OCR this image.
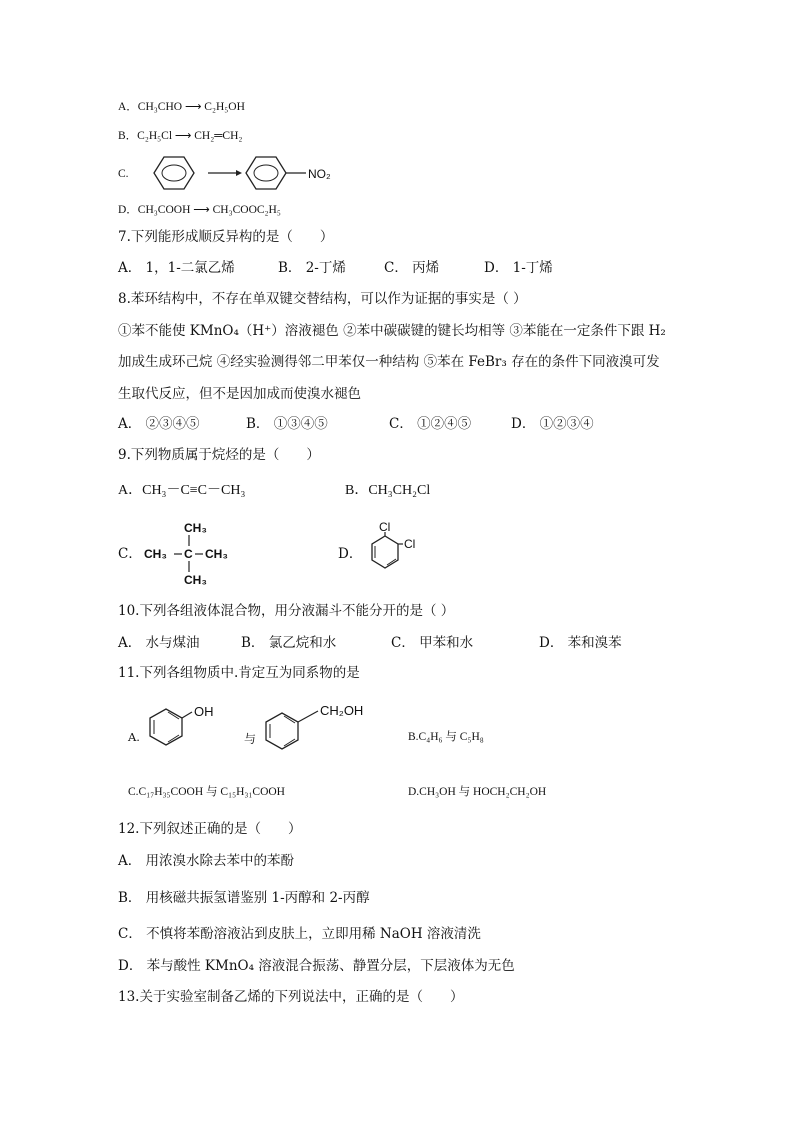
A．CH₃CHO ⟶ C₂H₅OH
B．C₂H₅Cl ⟶ CH₂═CH₂
C.	NO₂
D．CH₃COOH ⟶ CH₃COOC₂H₅
7.下列能形成顺反异构的是（　　）
A． 1，1-二氯乙烯	B． 2-丁烯	C． 丙烯	D． 1-丁烯
8.苯环结构中，不存在单双键交替结构，可以作为证据的事实是（ ）
①苯不能使 KMnO₄（H⁺）溶液褪色 ②苯中碳碳键的键长均相等 ③苯能在一定条件下跟 H₂
加成生成环己烷 ④经实验测得邻二甲苯仅一种结构 ⑤苯在 FeBr₃ 存在的条件下同液溴可发
生取代反应，但不是因加成而使溴水褪色
A． ②③④⑤	B． ①③④⑤	C． ①②④⑤	D． ①②③④
9.下列物质属于烷烃的是（　　）
A．CH₃－C≡C－CH₃	B．CH₃CH₂Cl
C．
CH₃
CH₃ C CH₃
CH₃
D．
Cl
Cl
10.下列各组液体混合物，用分液漏斗不能分开的是（ ）
A． 水与煤油	B． 氯乙烷和水	C． 甲苯和水	D． 苯和溴苯
11.下列各组物质中.肯定互为同系物的是
A.
OH
与
CH₂OH
B.C₄H₆ 与 C₅H₈
C.C₁₇H₃₅COOH 与 C₁₅H₃₁COOH	D.CH₃OH 与 HOCH₂CH₂OH
12.下列叙述正确的是（　　）
A． 用浓溴水除去苯中的苯酚
B． 用核磁共振氢谱鉴别 1-丙醇和 2-丙醇
C． 不慎将苯酚溶液沾到皮肤上，立即用稀 NaOH 溶液清洗
D． 苯与酸性 KMnO₄ 溶液混合振荡、静置分层，下层液体为无色
13.关于实验室制备乙烯的下列说法中，正确的是（　　）
